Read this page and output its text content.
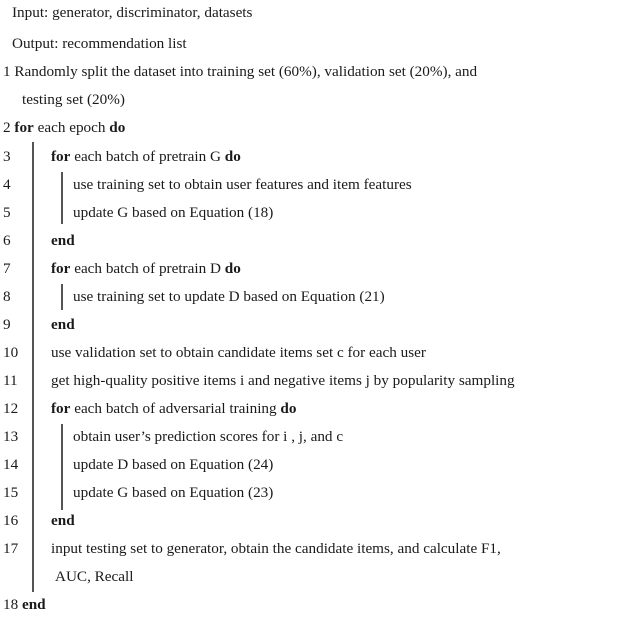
Input: generator, discriminator, datasets
Output: recommendation list
1 Randomly split the dataset into training set (60%), validation set (20%), and
testing set (20%)
2 for each epoch do
3	for each batch of pretrain G do
4	use training set to obtain user features and item features
5	update G based on Equation (18)
6	end
7	for each batch of pretrain D do
8	use training set to update D based on Equation (21)
9	end
10	use validation set to obtain candidate items set c for each user
11	get high-quality positive items i and negative items j by popularity sampling
12	for each batch of adversarial training do
13	obtain user’s prediction scores for i , j, and c
14	update D based on Equation (24)
15	update G based on Equation (23)
16	end
17	input testing set to generator, obtain the candidate items, and calculate F1,
AUC, Recall
18 end
